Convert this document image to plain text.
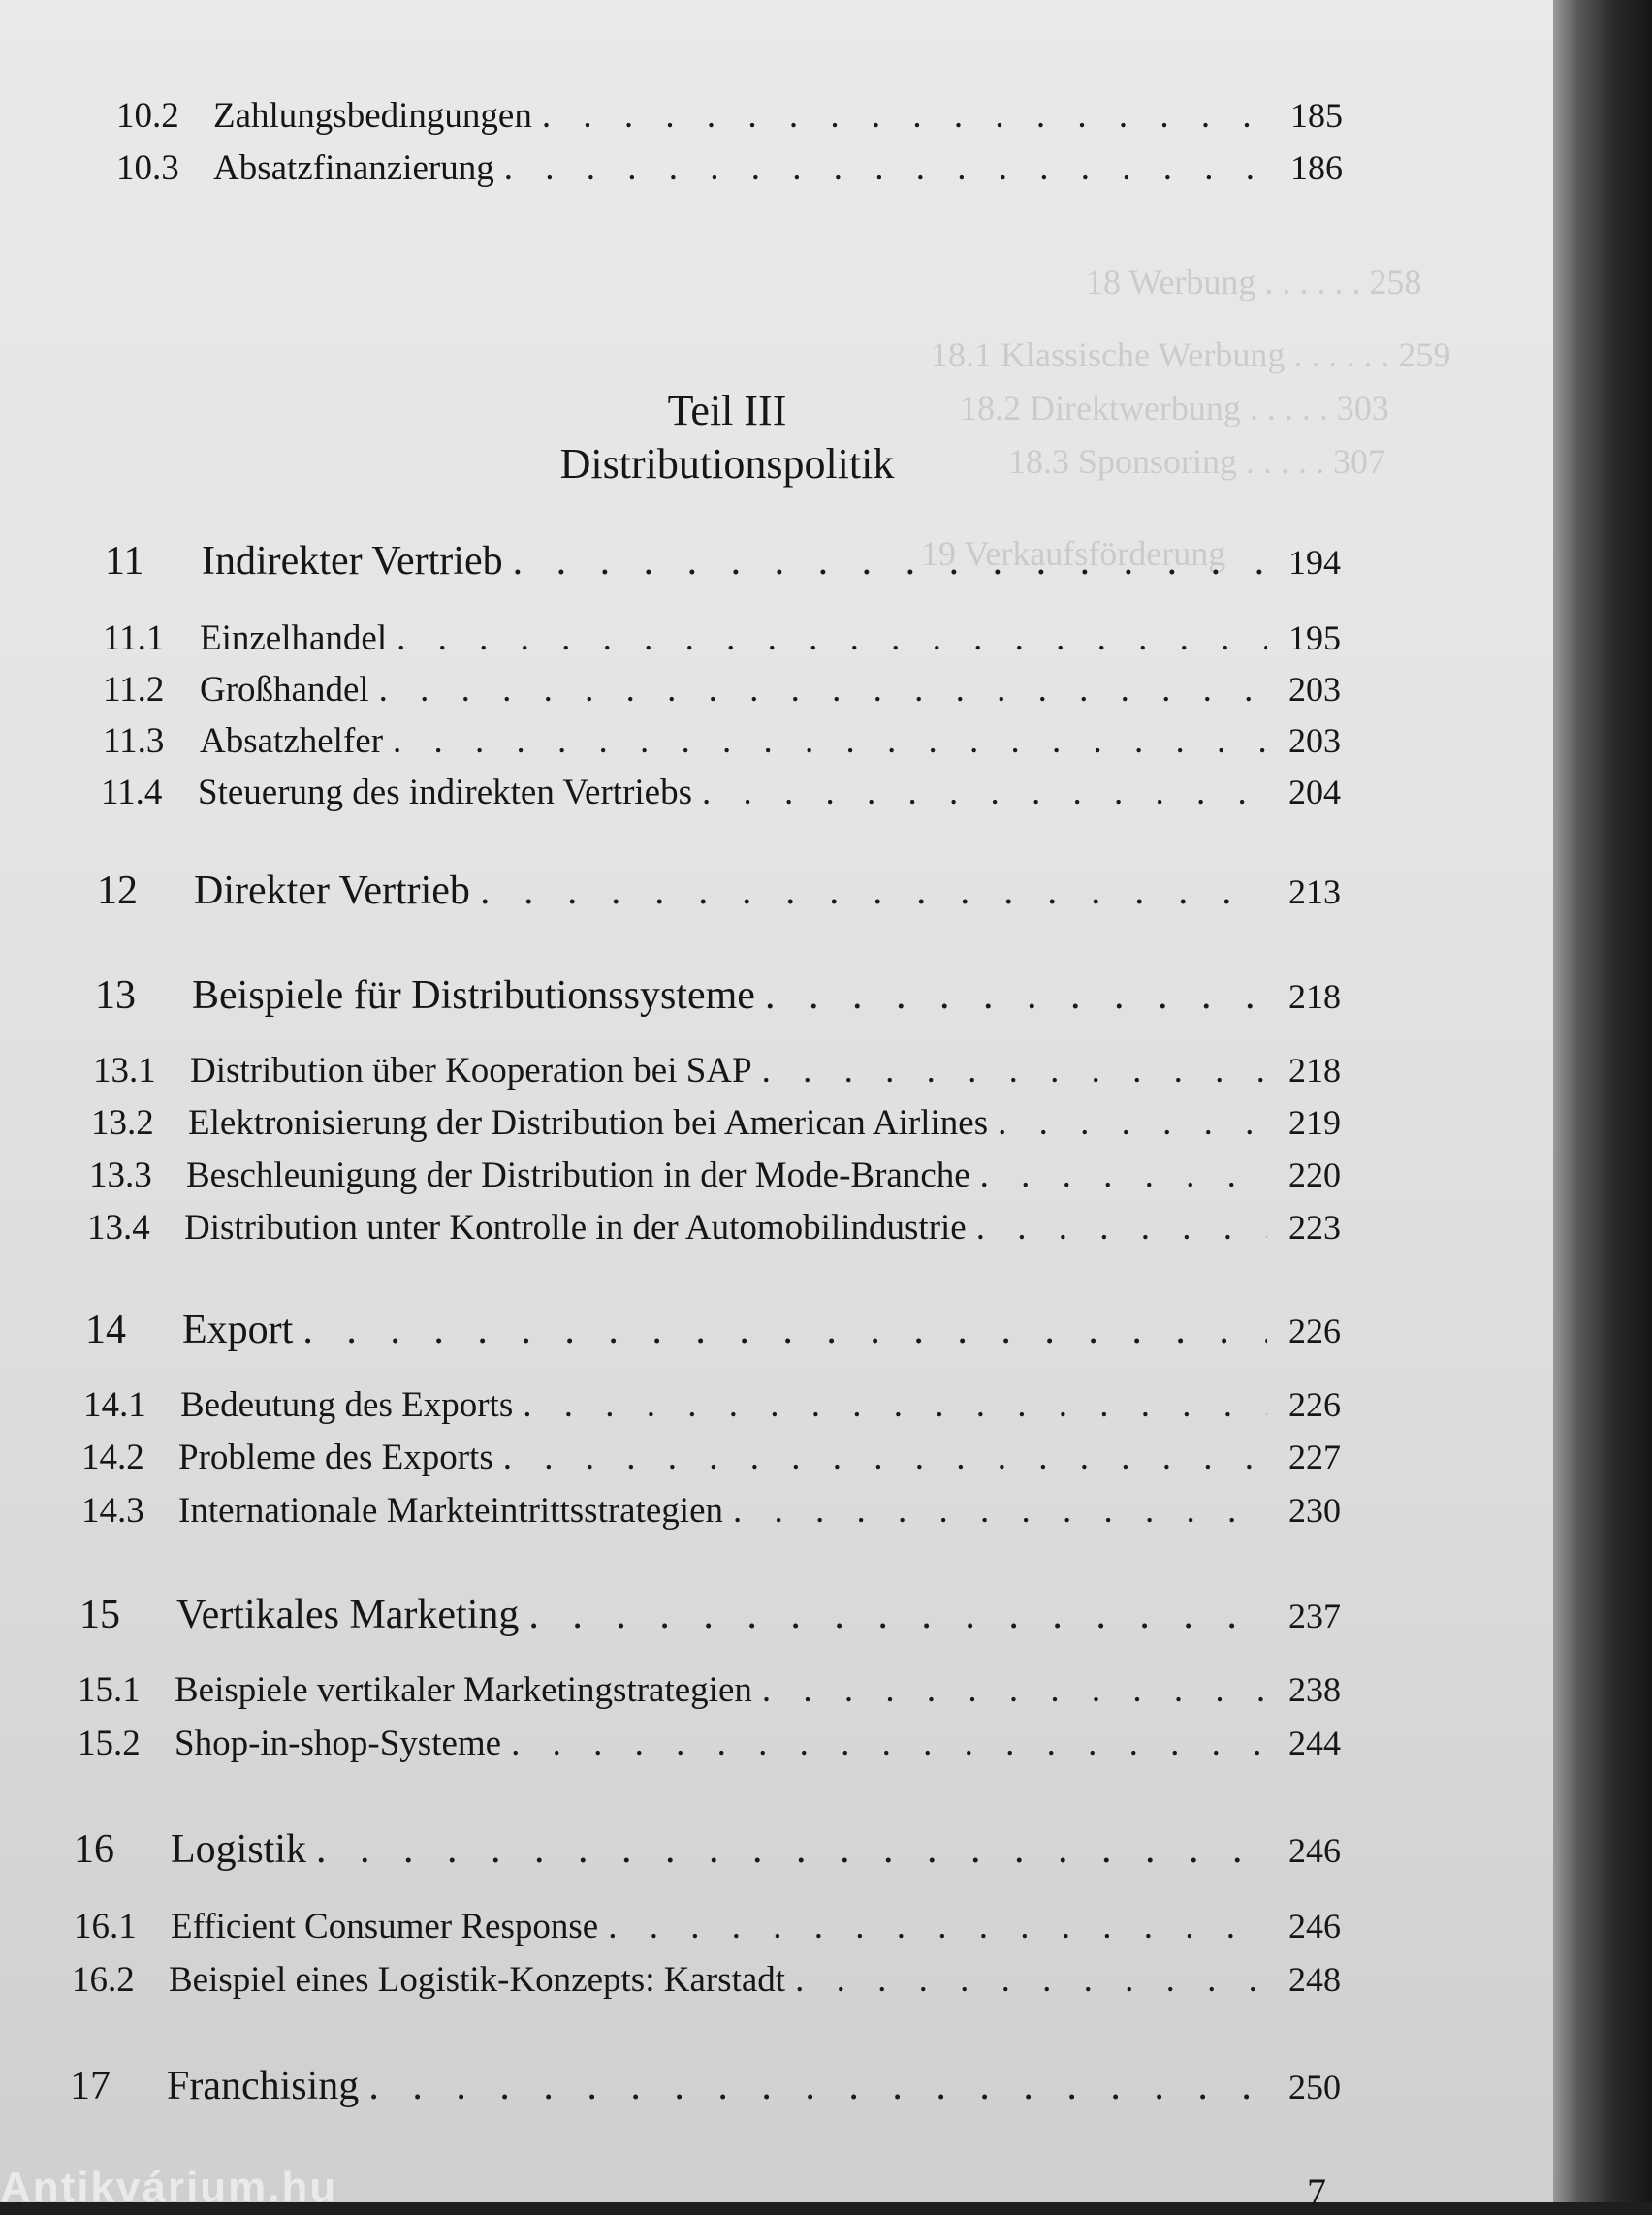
18 Werbung . . . . . . 258
18.1 Klassische Werbung . . . . . . 259
18.2 Direktwerbung . . . . . 303
18.3 Sponsoring . . . . . 307
19 Verkaufsförderung
10.2 Zahlungsbedingungen . . .	185
10.3 Absatzfinanzierung . . .	186
Teil III
Distributionspolitik
11	Indirekter Vertrieb . . .	194
11.1 Einzelhandel . . .	195
11.2 Großhandel . . .	203
11.3 Absatzhelfer . . .	203
11.4 Steuerung des indirekten Vertriebs . . .	204
12	Direkter Vertrieb . . .	213
13	Beispiele für Distributionssysteme . . .	218
13.1 Distribution über Kooperation bei SAP . . .	218
13.2 Elektronisierung der Distribution bei American Airlines . . .	219
13.3 Beschleunigung der Distribution in der Mode-Branche . . .	220
13.4 Distribution unter Kontrolle in der Automobilindustrie . . .	223
14	Export . . .	226
14.1 Bedeutung des Exports . . .	226
14.2 Probleme des Exports . . .	227
14.3 Internationale Markteintrittsstrategien . . .	230
15	Vertikales Marketing . . .	237
15.1 Beispiele vertikaler Marketingstrategien . . .	238
15.2 Shop-in-shop-Systeme . . .	244
16	Logistik . . .	246
16.1 Efficient Consumer Response . . .	246
16.2 Beispiel eines Logistik-Konzepts: Karstadt . . .	248
17	Franchising . . .	250
7
Antikvárium.hu
